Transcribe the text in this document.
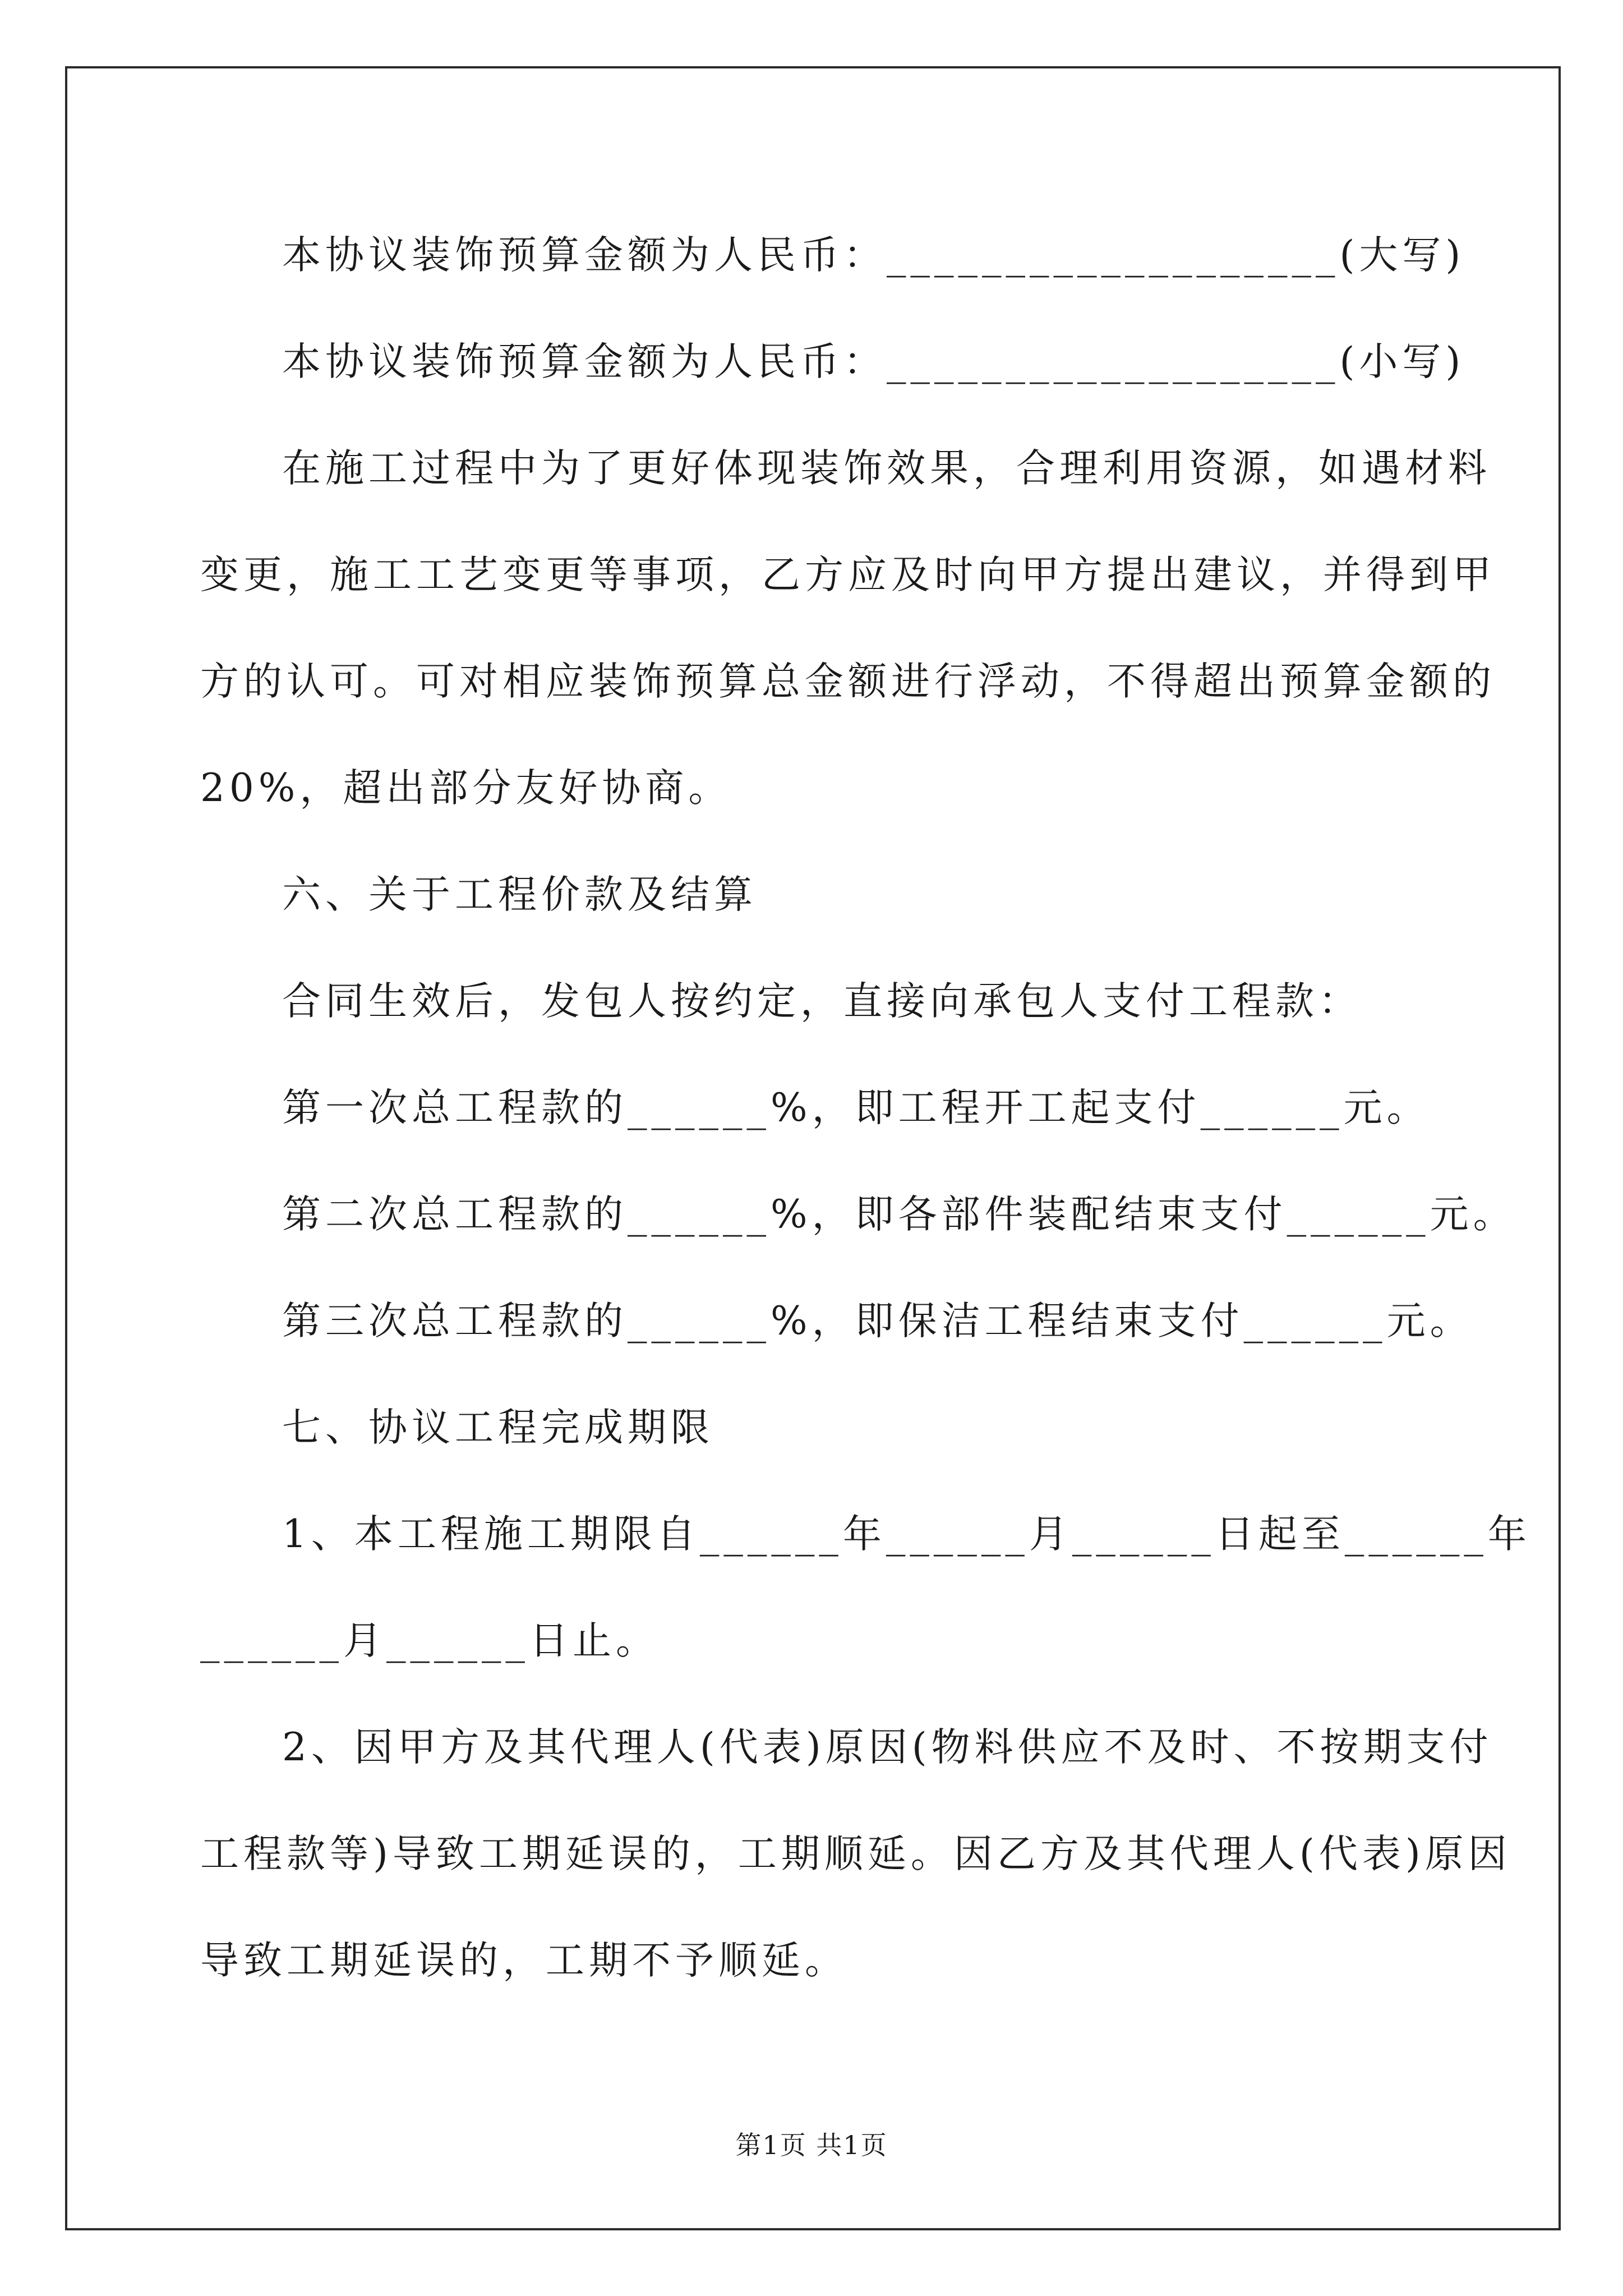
本协议装饰预算金额为人民币：___________________(大写)
本协议装饰预算金额为人民币：___________________(小写)
在施工过程中为了更好体现装饰效果，合理利用资源，如遇材料
变更，施工工艺变更等事项，乙方应及时向甲方提出建议，并得到甲
方的认可。可对相应装饰预算总金额进行浮动，不得超出预算金额的
20%，超出部分友好协商。
六、关于工程价款及结算
合同生效后，发包人按约定，直接向承包人支付工程款：
第一次总工程款的______%，即工程开工起支付______元。
第二次总工程款的______%，即各部件装配结束支付______元。
第三次总工程款的______%，即保洁工程结束支付______元。
七、协议工程完成期限
1、本工程施工期限自______年______月______日起至______年
______月______日止。
2、因甲方及其代理人(代表)原因(物料供应不及时、不按期支付
工程款等)导致工期延误的，工期顺延。因乙方及其代理人(代表)原因
导致工期延误的，工期不予顺延。
第1页 共1页
